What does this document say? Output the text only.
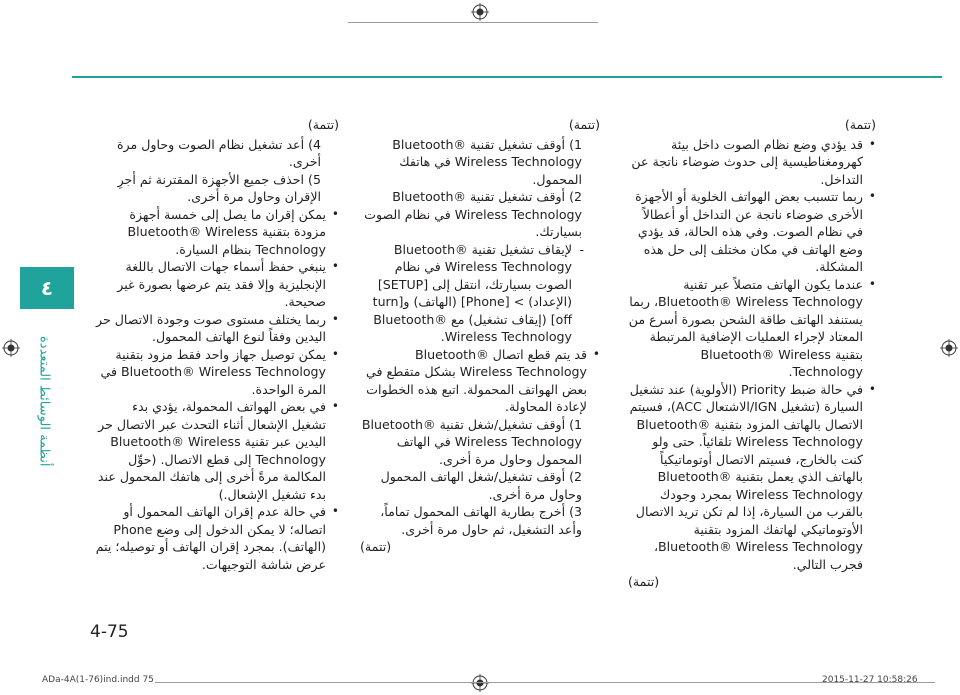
٤
ﺃﻧﻈﻤﺔ ﺍﻟﻮﺳﺎﺋﻂ ﺍﻟﻤﺘﻌﺪﺩﺓ
(ﺗﺘﻤﺔ)

• ﻗﺪ ﻳﺆﺩﻱ ﻭﺿﻊ ﻧﻈﺎﻡ ﺍﻟﺼﻮﺕ ﺩﺍﺧﻞ ﺑﻴﺌﺔ ﻛﻬﺮﻭﻣﻐﻨﺎﻃﻴﺴﻴﺔ ﺇﻟﻰ ﺣﺪﻭﺙ ﺿﻮﺿﺎﺀ ﻧﺎﺗﺠﺔ ﻋﻦ ﺍﻟﺘﺪﺍﺧﻞ.

• ﺭﺑﻤﺎ ﺗﺘﺴﺒﺐ ﺑﻌﺾ ﺍﻟﻬﻮﺍﺗﻒ ﺍﻟﺨﻠﻮﻳﺔ ﺃﻭ ﺍﻷﺟﻬﺰﺓ ﺍﻷﺧﺮﻯ ﺿﻮﺿﺎﺀ ﻧﺎﺗﺠﺔ ﻋﻦ ﺍﻟﺘﺪﺍﺧﻞ ﺃﻭ ﺃﻋﻄﺎﻻً ﻓﻲ ﻧﻈﺎﻡ ﺍﻟﺼﻮﺕ. ﻭﻓﻲ ﻫﺬﻩ ﺍﻟﺤﺎﻟﺔ، ﻗﺪ ﻳﺆﺩﻱ ﻭﺿﻊ ﺍﻟﻬﺎﺗﻒ ﻓﻲ ﻣﻜﺎﻥ ﻣﺨﺘﻠﻒ ﺇﻟﻰ ﺣﻞ ﻫﺬﻩ ﺍﻟﻤﺸﻜﻠﺔ.

• ﻋﻨﺪﻣﺎ ﻳﻜﻮﻥ ﺍﻟﻬﺎﺗﻒ ﻣﺘﺼﻼً ﻋﺒﺮ ﺗﻘﻨﻴﺔ Bluetooth® Wireless Technology، ﺭﺑﻤﺎ ﻳﺴﺘﻨﻔﺪ ﺍﻟﻬﺎﺗﻒ ﻃﺎﻗﺔ ﺍﻟﺸﺤﻦ ﺑﺼﻮﺭﺓ ﺃﺳﺮﻉ ﻣﻦ ﺍﻟﻤﻌﺘﺎﺩ ﻹﺟﺮﺍﺀ ﺍﻟﻌﻤﻠﻴﺎﺕ ﺍﻹﺿﺎﻓﻴﺔ ﺍﻟﻤﺮﺗﺒﻄﺔ ﺑﺘﻘﻨﻴﺔ Bluetooth® Wireless Technology.

• ﻓﻲ ﺣﺎﻟﺔ ﺿﺒﻂ Priority (ﺍﻷﻭﻟﻮﻳﺔ) ﻋﻨﺪ ﺗﺸﻐﻴﻞ ﺍﻟﺴﻴﺎﺭﺓ (ﺗﺸﻐﻴﻞ IGN/ﺍﻻﺷﺘﻌﺎﻝ ACC)، ﻓﺴﻴﺘﻢ ﺍﻻﺗﺼﺎﻝ ﺑﺎﻟﻬﺎﺗﻒ ﺍﻟﻤﺰﻭﺩ ﺑﺘﻘﻨﻴﺔ Bluetooth® Wireless Technology ﺗﻠﻘﺎﺋﻴﺎً. ﺣﺘﻰ ﻭﻟﻮ ﻛﻨﺖ ﺑﺎﻟﺨﺎﺭﺝ، ﻓﺴﻴﺘﻢ ﺍﻻﺗﺼﺎﻝ ﺃﻭﺗﻮﻣﺎﺗﻴﻜﻴﺎً ﺑﺎﻟﻬﺎﺗﻒ ﺍﻟﺬﻱ ﻳﻌﻤﻞ ﺑﺘﻘﻨﻴﺔ Bluetooth® Wireless Technology ﺑﻤﺠﺮﺩ ﻭﺟﻮﺩﻙ ﺑﺎﻟﻘﺮﺏ ﻣﻦ ﺍﻟﺴﻴﺎﺭﺓ، ﺇﺫﺍ ﻟﻢ ﺗﻜﻦ ﺗﺮﻳﺪ ﺍﻻﺗﺼﺎﻝ ﺍﻷﻭﺗﻮﻣﺎﺗﻴﻜﻲ ﻟﻬﺎﺗﻔﻚ ﺍﻟﻤﺰﻭﺩ ﺑﺘﻘﻨﻴﺔ Bluetooth® Wireless Technology، ﻓﺠﺮﺏ ﺍﻟﺘﺎﻟﻲ.

(ﺗﺘﻤﺔ)
(ﺗﺘﻤﺔ)

1) ﺃﻭﻗﻒ ﺗﺸﻐﻴﻞ ﺗﻘﻨﻴﺔ Bluetooth® Wireless Technology ﻓﻲ ﻫﺎﺗﻔﻚ ﺍﻟﻤﺤﻤﻮﻝ.

2) ﺃﻭﻗﻒ ﺗﺸﻐﻴﻞ ﺗﻘﻨﻴﺔ Bluetooth® Wireless Technology ﻓﻲ ﻧﻈﺎﻡ ﺍﻟﺼﻮﺕ ﺑﺴﻴﺎﺭﺗﻚ.

- ﻹﻳﻘﺎﻑ ﺗﺸﻐﻴﻞ ﺗﻘﻨﻴﺔ Bluetooth® Wireless Technology ﻓﻲ ﻧﻈﺎﻡ ﺍﻟﺼﻮﺕ ﺑﺴﻴﺎﺭﺗﻚ، ﺍﻧﺘﻘﻞ ﺇﻟﻰ [SETUP] (ﺍﻹﻋﺪﺍﺩ) > [Phone] (ﺍﻟﻬﺎﺗﻒ) ﻭ[turn off] (ﺇﻳﻘﺎﻑ ﺗﺸﻐﻴﻞ) ﻣﻊ Bluetooth® Wireless Technology.

• ﻗﺪ ﻳﺘﻢ ﻗﻄﻊ ﺍﺗﺼﺎﻝ Bluetooth® Wireless Technology ﺑﺸﻜﻞ ﻣﺘﻘﻄﻊ ﻓﻲ ﺑﻌﺾ ﺍﻟﻬﻮﺍﺗﻒ ﺍﻟﻤﺤﻤﻮﻟﺔ. ﺍﺗﺒﻊ ﻫﺬﻩ ﺍﻟﺨﻄﻮﺍﺕ ﻹﻋﺎﺩﺓ ﺍﻟﻤﺤﺎﻭﻟﺔ.

1) ﺃﻭﻗﻒ ﺗﺸﻐﻴﻞ/ﺷﻐﻞ ﺗﻘﻨﻴﺔ Bluetooth® Wireless Technology ﻓﻲ ﺍﻟﻬﺎﺗﻒ ﺍﻟﻤﺤﻤﻮﻝ ﻭﺣﺎﻭﻝ ﻣﺮﺓ ﺃﺧﺮﻯ.

2) ﺃﻭﻗﻒ ﺗﺸﻐﻴﻞ/ﺷﻐﻞ ﺍﻟﻬﺎﺗﻒ ﺍﻟﻤﺤﻤﻮﻝ ﻭﺣﺎﻭﻝ ﻣﺮﺓ ﺃﺧﺮﻯ.

3) ﺃﺧﺮﺝ ﺑﻄﺎﺭﻳﺔ ﺍﻟﻬﺎﺗﻒ ﺍﻟﻤﺤﻤﻮﻝ ﺗﻤﺎﻣﺎً، ﻭﺃﻋﺪ ﺍﻟﺘﺸﻐﻴﻞ، ﺛﻢ ﺣﺎﻭﻝ ﻣﺮﺓ ﺃﺧﺮﻯ.

(ﺗﺘﻤﺔ)
(ﺗﺘﻤﺔ)

4) ﺃﻋﺪ ﺗﺸﻐﻴﻞ ﻧﻈﺎﻡ ﺍﻟﺼﻮﺕ ﻭﺣﺎﻭﻝ ﻣﺮﺓ ﺃﺧﺮﻯ.

5) ﺍﺣﺬﻑ ﺟﻤﻴﻊ ﺍﻷﺟﻬﺰﺓ ﺍﻟﻤﻘﺘﺮﻧﺔ ﺛﻢ ﺃﺟﺮِ ﺍﻹﻗﺮﺍﻥ ﻭﺣﺎﻭﻝ ﻣﺮﺓ ﺃﺧﺮﻯ.

• ﻳﻤﻜﻦ ﺇﻗﺮﺍﻥ ﻣﺎ ﻳﺼﻞ ﺇﻟﻰ ﺧﻤﺴﺔ ﺃﺟﻬﺰﺓ ﻣﺰﻭﺩﺓ ﺑﺘﻘﻨﻴﺔ Bluetooth® Wireless Technology ﺑﻨﻈﺎﻡ ﺍﻟﺴﻴﺎﺭﺓ.

• ﻳﻨﺒﻐﻲ ﺣﻔﻆ ﺃﺳﻤﺎﺀ ﺟﻬﺎﺕ ﺍﻻﺗﺼﺎﻝ ﺑﺎﻟﻠﻐﺔ ﺍﻹﻧﺠﻠﻴﺰﻳﺔ ﻭﺇﻻ ﻓﻘﺪ ﻳﺘﻢ ﻋﺮﺿﻬﺎ ﺑﺼﻮﺭﺓ ﻏﻴﺮ ﺻﺤﻴﺤﺔ.

• ﺭﺑﻤﺎ ﻳﺨﺘﻠﻒ ﻣﺴﺘﻮﻯ ﺻﻮﺕ ﻭﺟﻮﺩﺓ ﺍﻻﺗﺼﺎﻝ ﺣﺮ ﺍﻟﻴﺪﻳﻦ ﻭﻓﻘﺎً ﻟﻨﻮﻉ ﺍﻟﻬﺎﺗﻒ ﺍﻟﻤﺤﻤﻮﻝ.

• ﻳﻤﻜﻦ ﺗﻮﺻﻴﻞ ﺟﻬﺎﺯ ﻭﺍﺣﺪ ﻓﻘﻂ ﻣﺰﻭﺩ ﺑﺘﻘﻨﻴﺔ Bluetooth® Wireless Technology ﻓﻲ ﺍﻟﻤﺮﺓ ﺍﻟﻮﺍﺣﺪﺓ.

• ﻓﻲ ﺑﻌﺾ ﺍﻟﻬﻮﺍﺗﻒ ﺍﻟﻤﺤﻤﻮﻟﺔ، ﻳﺆﺩﻱ ﺑﺪﺀ ﺗﺸﻐﻴﻞ ﺍﻹﺷﻌﺎﻝ ﺃﺛﻨﺎﺀ ﺍﻟﺘﺤﺪﺙ ﻋﺒﺮ ﺍﻻﺗﺼﺎﻝ ﺣﺮ ﺍﻟﻴﺪﻳﻦ ﻋﺒﺮ ﺗﻘﻨﻴﺔ Bluetooth® Wireless Technology ﺇﻟﻰ ﻗﻄﻊ ﺍﻻﺗﺼﺎﻝ. (ﺣﻮِّﻝ ﺍﻟﻤﻜﺎﻟﻤﺔ ﻣﺮﺓً ﺃﺧﺮﻯ ﺇﻟﻰ ﻫﺎﺗﻔﻚ ﺍﻟﻤﺤﻤﻮﻝ ﻋﻨﺪ ﺑﺪﺀ ﺗﺸﻐﻴﻞ ﺍﻹﺷﻌﺎﻝ.)

• ﻓﻲ ﺣﺎﻟﺔ ﻋﺪﻡ ﺇﻗﺮﺍﻥ ﺍﻟﻬﺎﺗﻒ ﺍﻟﻤﺤﻤﻮﻝ ﺃﻭ ﺍﺗﺼﺎﻟﻪ؛ ﻻ ﻳﻤﻜﻦ ﺍﻟﺪﺧﻮﻝ ﺇﻟﻰ ﻭﺿﻊ Phone (ﺍﻟﻬﺎﺗﻒ). ﺑﻤﺠﺮﺩ ﺇﻗﺮﺍﻥ ﺍﻟﻬﺎﺗﻒ ﺃﻭ ﺗﻮﺻﻴﻠﻪ؛ ﻳﺘﻢ ﻋﺮﺽ ﺷﺎﺷﺔ ﺍﻟﺘﻮﺟﻴﻬﺎﺕ.

4-75
ADa-4A(1-76)ind.indd 75	2015-11-27 10:58:26
